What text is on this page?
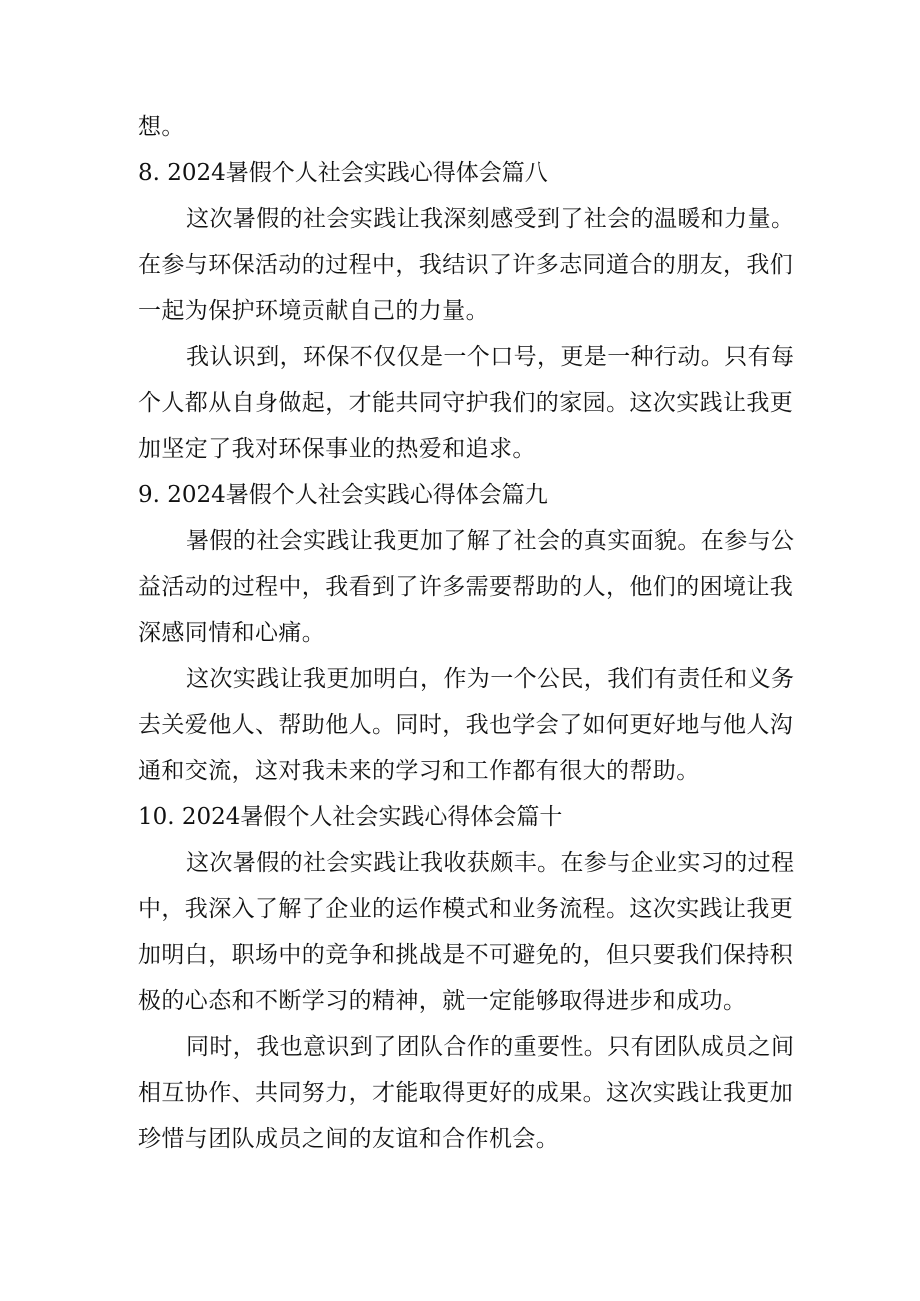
想。
8. 2024暑假个人社会实践心得体会篇八
这次暑假的社会实践让我深刻感受到了社会的温暖和力量。
在参与环保活动的过程中，我结识了许多志同道合的朋友，我们
一起为保护环境贡献自己的力量。
我认识到，环保不仅仅是一个口号，更是一种行动。只有每
个人都从自身做起，才能共同守护我们的家园。这次实践让我更
加坚定了我对环保事业的热爱和追求。
9. 2024暑假个人社会实践心得体会篇九
暑假的社会实践让我更加了解了社会的真实面貌。在参与公
益活动的过程中，我看到了许多需要帮助的人，他们的困境让我
深感同情和心痛。
这次实践让我更加明白，作为一个公民，我们有责任和义务
去关爱他人、帮助他人。同时，我也学会了如何更好地与他人沟
通和交流，这对我未来的学习和工作都有很大的帮助。
10. 2024暑假个人社会实践心得体会篇十
这次暑假的社会实践让我收获颇丰。在参与企业实习的过程
中，我深入了解了企业的运作模式和业务流程。这次实践让我更
加明白，职场中的竞争和挑战是不可避免的，但只要我们保持积
极的心态和不断学习的精神，就一定能够取得进步和成功。
同时，我也意识到了团队合作的重要性。只有团队成员之间
相互协作、共同努力，才能取得更好的成果。这次实践让我更加
珍惜与团队成员之间的友谊和合作机会。
